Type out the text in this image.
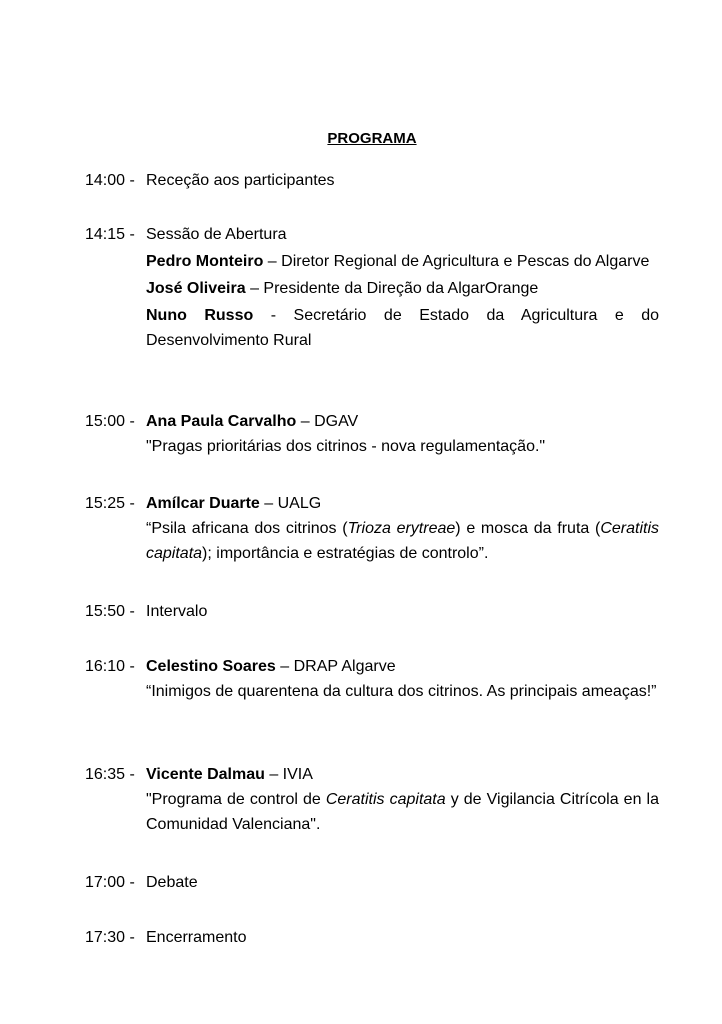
PROGRAMA
14:00 - Receção aos participantes
14:15 - Sessão de Abertura
Pedro Monteiro – Diretor Regional de Agricultura e Pescas do Algarve
José Oliveira – Presidente da Direção da AlgarOrange
Nuno Russo - Secretário de Estado da Agricultura e do Desenvolvimento Rural
15:00 - Ana Paula Carvalho – DGAV
"Pragas prioritárias dos citrinos - nova regulamentação."
15:25 - Amílcar Duarte – UALG
“Psila africana dos citrinos (Trioza erytreae) e mosca da fruta (Ceratitis capitata); importância e estratégias de controlo”.
15:50 - Intervalo
16:10 - Celestino Soares – DRAP Algarve
“Inimigos de quarentena da cultura dos citrinos. As principais ameaças!”
16:35 - Vicente Dalmau – IVIA
"Programa de control de Ceratitis capitata y de Vigilancia Citrícola en la Comunidad Valenciana".
17:00 - Debate
17:30 - Encerramento
